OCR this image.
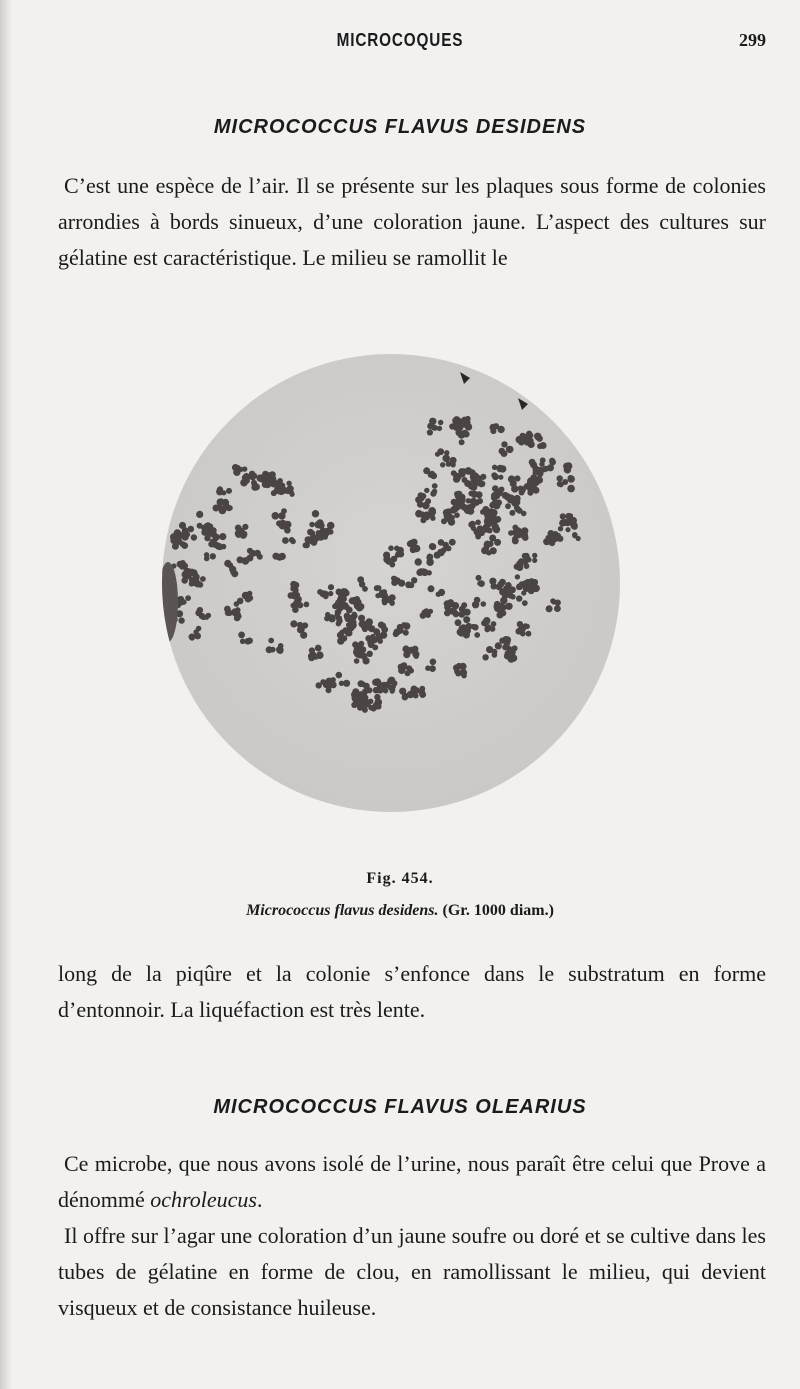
MICROCOQUES	299
MICROCOCCUS FLAVUS DESIDENS
C’est une espèce de l’air. Il se présente sur les plaques sous forme de colonies arrondies à bords sinueux, d’une coloration jaune. L’aspect des cultures sur gélatine est caractéristique. Le milieu se ramollit le
Fig. 454.
Micrococcus flavus desidens. (Gr. 1000 diam.)
long de la piqûre et la colonie s’enfonce dans le substratum en forme d’entonnoir. La liquéfaction est très lente.
MICROCOCCUS FLAVUS OLEARIUS
Ce microbe, que nous avons isolé de l’urine, nous paraît être celui que Prove a dénommé ochroleucus.
Il offre sur l’agar une coloration d’un jaune soufre ou doré et se cultive dans les tubes de gélatine en forme de clou, en ramollissant le milieu, qui devient visqueux et de consistance huileuse.
